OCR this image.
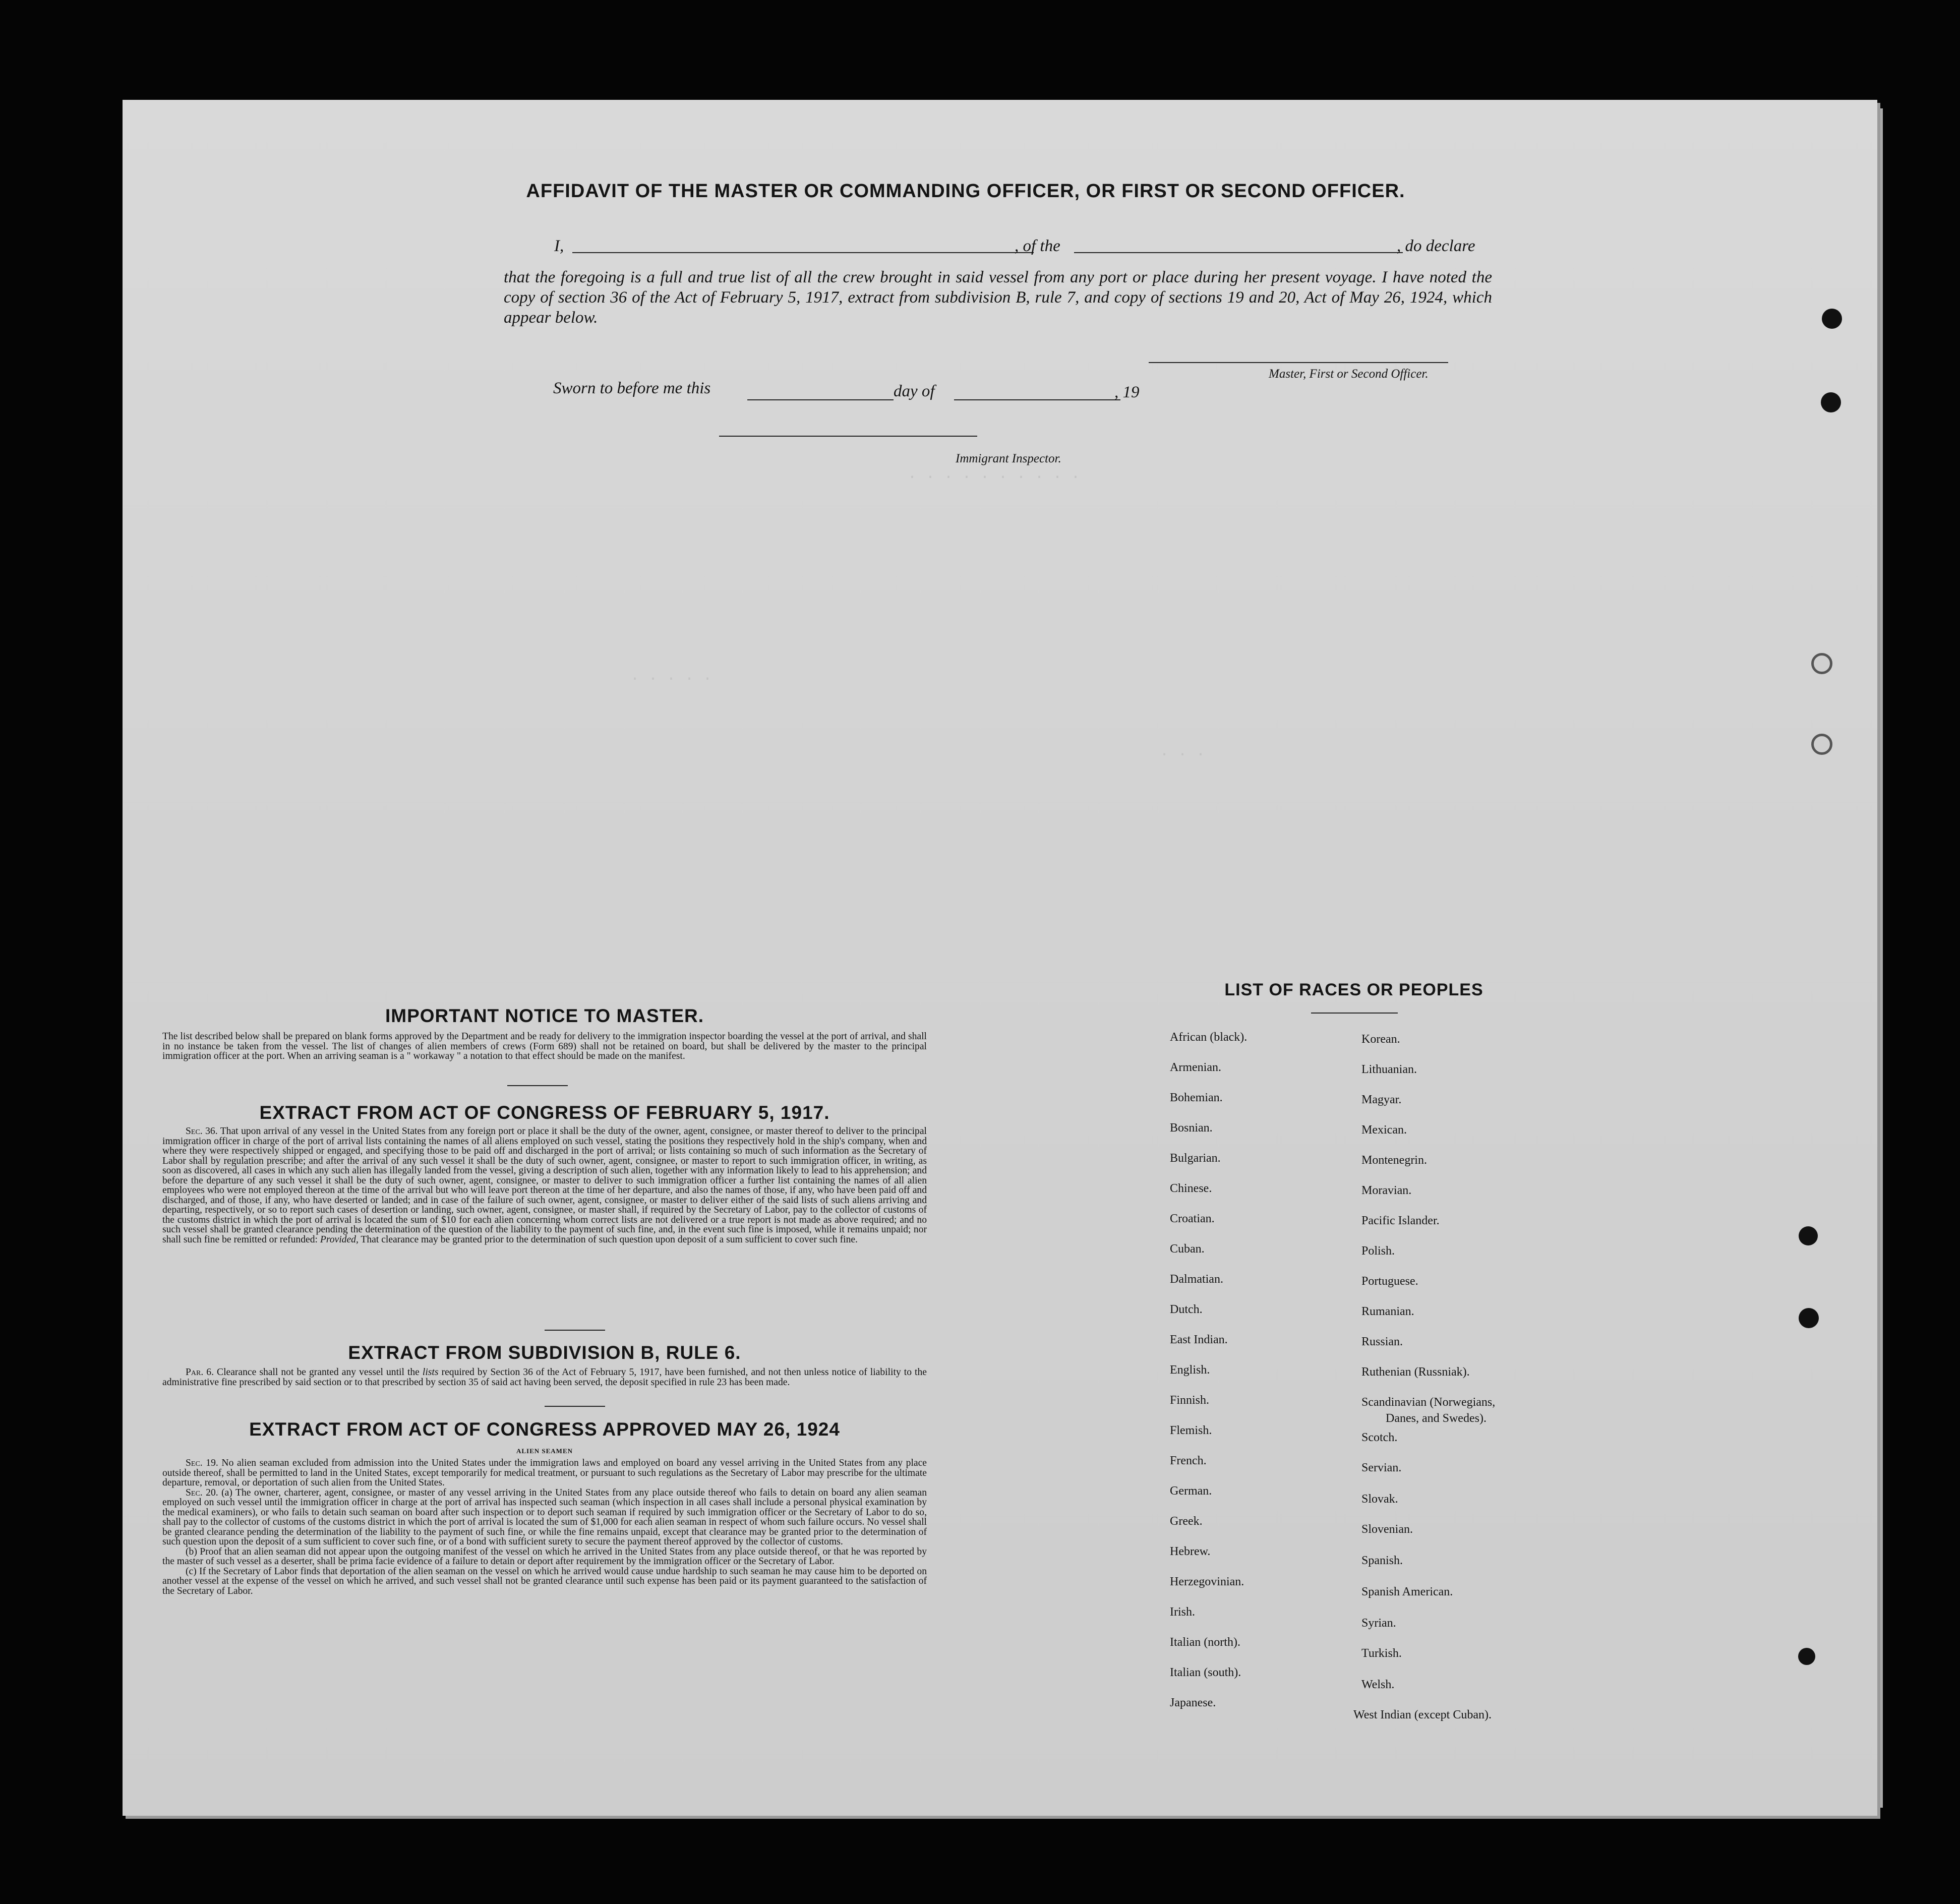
· · · · · · · · · ·
· · · · ·
· · ·
AFFIDAVIT OF THE MASTER OR COMMANDING OFFICER, OR FIRST OR SECOND OFFICER.
I,	, of the	, do declare
that the foregoing is a full and true list of all the crew brought in said vessel from any port or place during her present voyage. I have noted the copy of section 36 of the Act of February 5, 1917, extract from subdivision B, rule 7, and copy of sections 19 and 20, Act of May 26, 1924, which appear below.
Master, First or Second Officer.
Sworn to before me this	day of	, 19
Immigrant Inspector.
IMPORTANT NOTICE TO MASTER.
The list described below shall be prepared on blank forms approved by the Department and be ready for delivery to the immigration inspector boarding the vessel at the port of arrival, and shall in no instance be taken from the vessel. The list of changes of alien members of crews (Form 689) shall not be retained on board, but shall be delivered by the master to the principal immigration officer at the port. When an arriving seaman is a " workaway " a notation to that effect should be made on the manifest.
EXTRACT FROM ACT OF CONGRESS OF FEBRUARY 5, 1917.
Sec. 36. That upon arrival of any vessel in the United States from any foreign port or place it shall be the duty of the owner, agent, consignee, or master thereof to deliver to the principal immigration officer in charge of the port of arrival lists containing the names of all aliens employed on such vessel, stating the positions they respectively hold in the ship's company, when and where they were respectively shipped or engaged, and specifying those to be paid off and discharged in the port of arrival; or lists containing so much of such information as the Secretary of Labor shall by regulation prescribe; and after the arrival of any such vessel it shall be the duty of such owner, agent, consignee, or master to report to such immigration officer, in writing, as soon as discovered, all cases in which any such alien has illegally landed from the vessel, giving a description of such alien, together with any information likely to lead to his apprehension; and before the departure of any such vessel it shall be the duty of such owner, agent, consignee, or master to deliver to such immigration officer a further list containing the names of all alien employees who were not employed thereon at the time of the arrival but who will leave port thereon at the time of her departure, and also the names of those, if any, who have been paid off and discharged, and of those, if any, who have deserted or landed; and in case of the failure of such owner, agent, consignee, or master to deliver either of the said lists of such aliens arriving and departing, respectively, or so to report such cases of desertion or landing, such owner, agent, consignee, or master shall, if required by the Secretary of Labor, pay to the collector of customs of the customs district in which the port of arrival is located the sum of $10 for each alien concerning whom correct lists are not delivered or a true report is not made as above required; and no such vessel shall be granted clearance pending the determination of the question of the liability to the payment of such fine, and, in the event such fine is imposed, while it remains unpaid; nor shall such fine be remitted or refunded: Provided, That clearance may be granted prior to the determination of such question upon deposit of a sum sufficient to cover such fine.
EXTRACT FROM SUBDIVISION B, RULE 6.
Par. 6. Clearance shall not be granted any vessel until the lists required by Section 36 of the Act of February 5, 1917, have been furnished, and not then unless notice of liability to the administrative fine prescribed by said section or to that prescribed by section 35 of said act having been served, the deposit specified in rule 23 has been made.
EXTRACT FROM ACT OF CONGRESS APPROVED MAY 26, 1924
ALIEN SEAMEN
Sec. 19. No alien seaman excluded from admission into the United States under the immigration laws and employed on board any vessel arriving in the United States from any place outside thereof, shall be permitted to land in the United States, except temporarily for medical treatment, or pursuant to such regulations as the Secretary of Labor may prescribe for the ultimate departure, removal, or deportation of such alien from the United States.
Sec. 20. (a) The owner, charterer, agent, consignee, or master of any vessel arriving in the United States from any place outside thereof who fails to detain on board any alien seaman employed on such vessel until the immigration officer in charge at the port of arrival has inspected such seaman (which inspection in all cases shall include a personal physical examination by the medical examiners), or who fails to detain such seaman on board after such inspection or to deport such seaman if required by such immigration officer or the Secretary of Labor to do so, shall pay to the collector of customs of the customs district in which the port of arrival is located the sum of $1,000 for each alien seaman in respect of whom such failure occurs. No vessel shall be granted clearance pending the determination of the liability to the payment of such fine, or while the fine remains unpaid, except that clearance may be granted prior to the determination of such question upon the deposit of a sum sufficient to cover such fine, or of a bond with sufficient surety to secure the payment thereof approved by the collector of customs.
(b) Proof that an alien seaman did not appear upon the outgoing manifest of the vessel on which he arrived in the United States from any place outside thereof, or that he was reported by the master of such vessel as a deserter, shall be prima facie evidence of a failure to detain or deport after requirement by the immigration officer or the Secretary of Labor.
(c) If the Secretary of Labor finds that deportation of the alien seaman on the vessel on which he arrived would cause undue hardship to such seaman he may cause him to be deported on another vessel at the expense of the vessel on which he arrived, and such vessel shall not be granted clearance until such expense has been paid or its payment guaranteed to the satisfaction of the Secretary of Labor.
LIST OF RACES OR PEOPLES
African (black).
Armenian.
Bohemian.
Bosnian.
Bulgarian.
Chinese.
Croatian.
Cuban.
Dalmatian.
Dutch.
East Indian.
English.
Finnish.
Flemish.
French.
German.
Greek.
Hebrew.
Herzegovinian.
Irish.
Italian (north).
Italian (south).
Japanese.
Korean.
Lithuanian.
Magyar.
Mexican.
Montenegrin.
Moravian.
Pacific Islander.
Polish.
Portuguese.
Rumanian.
Russian.
Ruthenian (Russniak).
Scandinavian (Norwegians,
Danes, and Swedes).
Scotch.
Servian.
Slovak.
Slovenian.
Spanish.
Spanish American.
Syrian.
Turkish.
Welsh.
West Indian (except Cuban).
